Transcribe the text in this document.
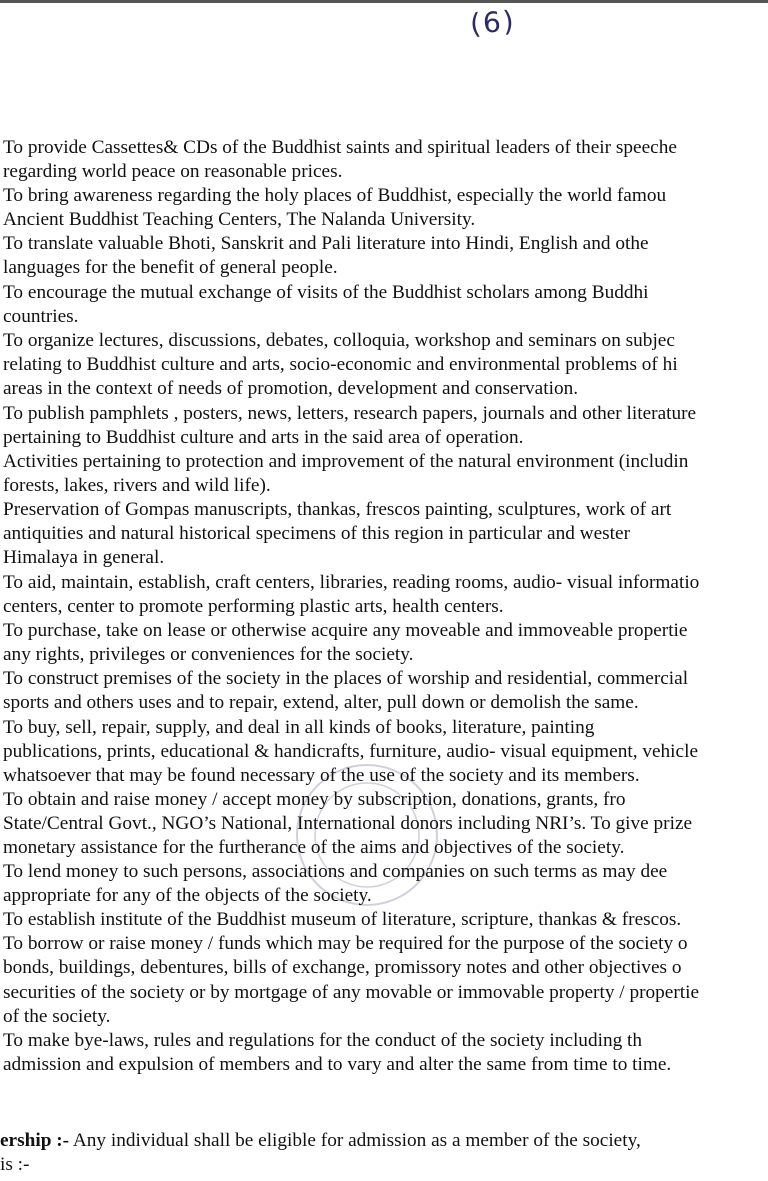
(6)
To provide Cassettes& CDs of the Buddhist saints and spiritual leaders of their speeche
regarding world peace on reasonable prices.
To bring awareness regarding the holy places of Buddhist, especially the world famou
Ancient Buddhist Teaching Centers, The Nalanda University.
To translate valuable Bhoti, Sanskrit and Pali literature into Hindi, English and othe
languages for the benefit of general people.
To encourage the mutual exchange of visits of the Buddhist scholars among Buddhi
countries.
To organize lectures, discussions, debates, colloquia, workshop and seminars on subjec
relating to Buddhist culture and arts, socio-economic and environmental problems of hi
areas in the context of needs of promotion, development and conservation.
To publish pamphlets , posters, news, letters, research papers, journals and other literature
pertaining to Buddhist culture and arts in the said area of operation.
Activities pertaining to protection and improvement of the natural environment (includin
forests, lakes, rivers and wild life).
Preservation of Gompas manuscripts, thankas, frescos painting, sculptures, work of art
antiquities and natural historical specimens of this region in particular and wester
Himalaya in general.
To aid, maintain, establish, craft centers, libraries, reading rooms, audio- visual informatio
centers, center to promote performing plastic arts, health centers.
To purchase, take on lease or otherwise acquire any moveable and immoveable propertie
any rights, privileges or conveniences for the society.
To construct premises of the society in the places of worship and residential, commercial
sports and others uses and to repair, extend, alter, pull down or demolish the same.
To buy, sell, repair, supply, and deal in all kinds of books, literature, painting
publications, prints, educational & handicrafts, furniture, audio- visual equipment, vehicle
whatsoever that may be found necessary of the use of the society and its members.
To obtain and raise money / accept money by subscription, donations, grants, fro
State/Central Govt., NGO’s National, International donors including NRI’s. To give prize
monetary assistance for the furtherance of the aims and objectives of the society.
To lend money to such persons, associations and companies on such terms as may dee
appropriate for any of the objects of the society.
To establish institute of the Buddhist museum of literature, scripture, thankas & frescos.
To borrow or raise money / funds which may be required for the purpose of the society o
bonds, buildings, debentures, bills of exchange, promissory notes and other objectives o
securities of the society or by mortgage of any movable or immovable property / propertie
of the society.
To make bye-laws, rules and regulations for the conduct of the society including th
admission and expulsion of members and to vary and alter the same from time to time.
ership :- Any individual shall be eligible for admission as a member of the society,
is :-
